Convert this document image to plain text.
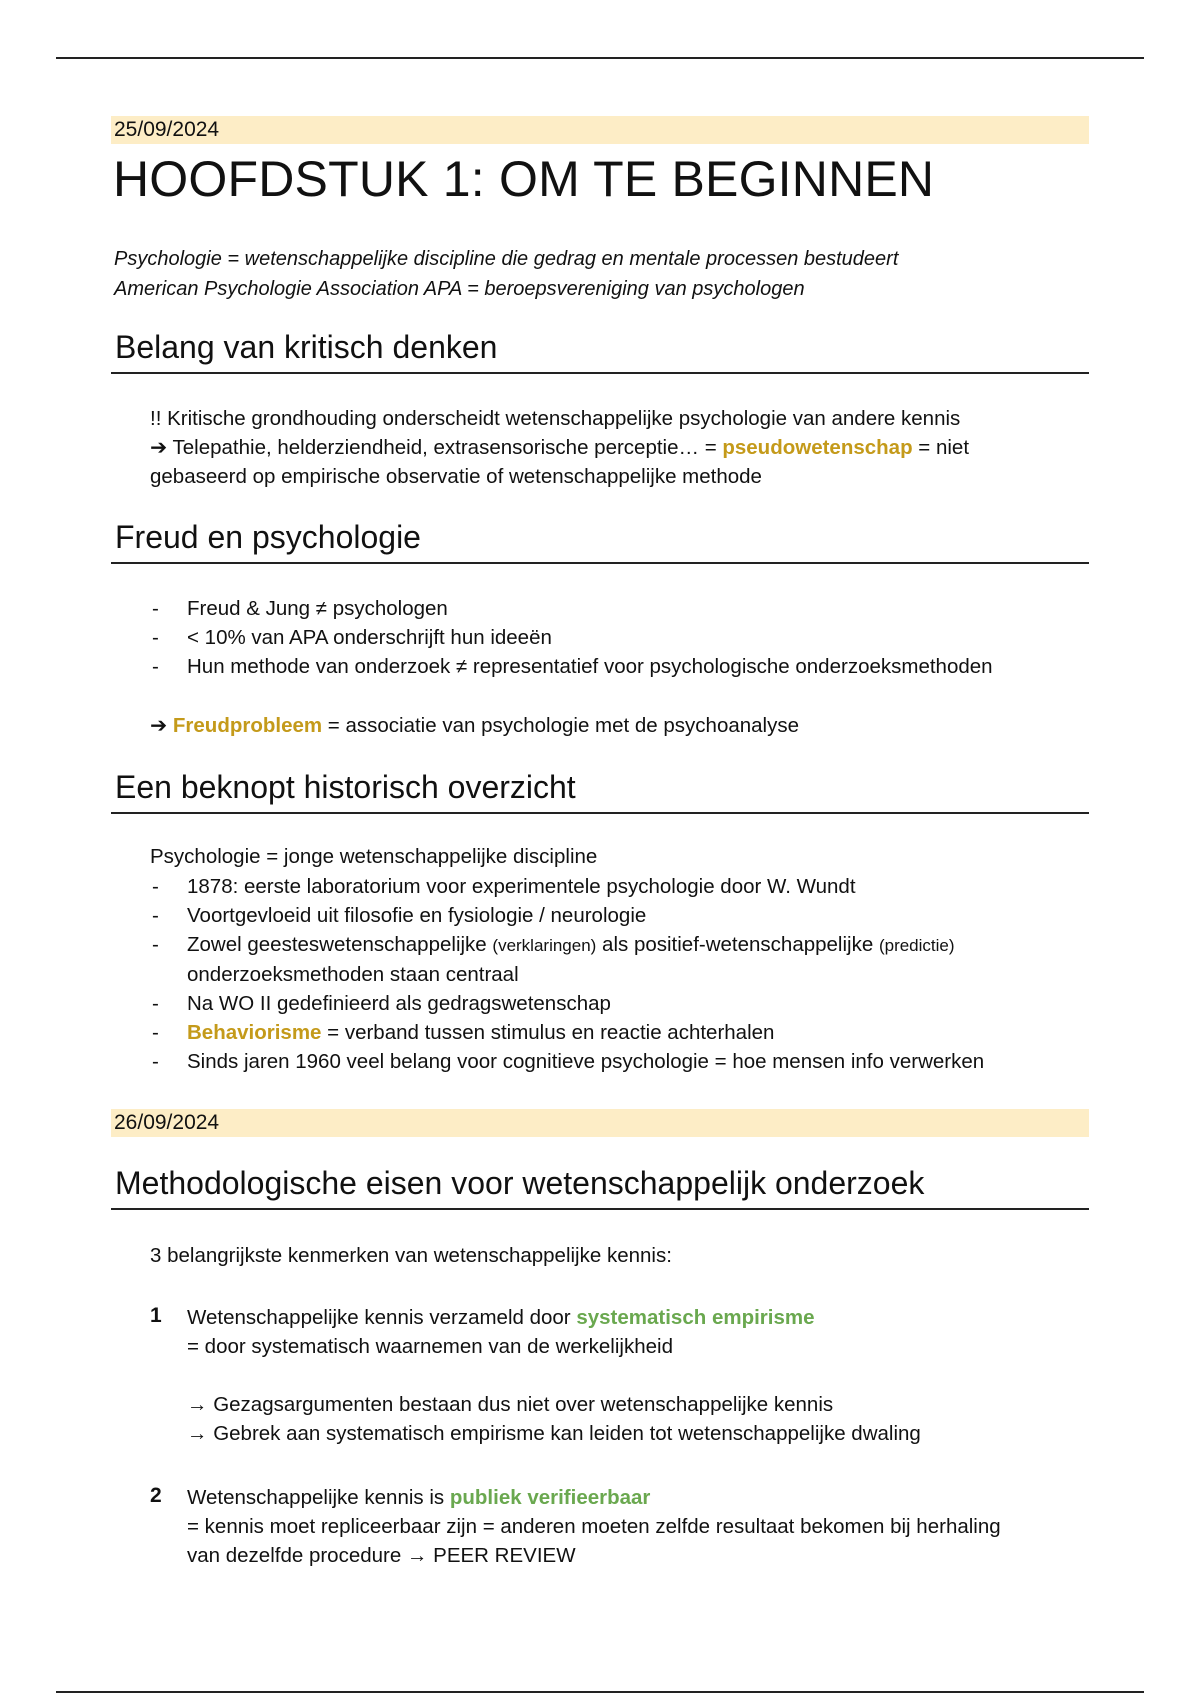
25/09/2024
HOOFDSTUK 1: OM TE BEGINNEN
Psychologie = wetenschappelijke discipline die gedrag en mentale processen bestudeert
American Psychologie Association APA = beroepsvereniging van psychologen
Belang van kritisch denken
!! Kritische grondhouding onderscheidt wetenschappelijke psychologie van andere kennis
➔ Telepathie, helderziendheid, extrasensorische perceptie… = pseudowetenschap = niet
gebaseerd op empirische observatie of wetenschappelijke methode
Freud en psychologie
- Freud & Jung ≠ psychologen
- < 10% van APA onderschrijft hun ideeën
- Hun methode van onderzoek ≠ representatief voor psychologische onderzoeksmethoden
➔ Freudprobleem = associatie van psychologie met de psychoanalyse
Een beknopt historisch overzicht
Psychologie = jonge wetenschappelijke discipline
- 1878: eerste laboratorium voor experimentele psychologie door W. Wundt
- Voortgevloeid uit filosofie en fysiologie / neurologie
- Zowel geesteswetenschappelijke (verklaringen) als positief-wetenschappelijke (predictie)
onderzoeksmethoden staan centraal
- Na WO II gedefinieerd als gedragswetenschap
- Behaviorisme = verband tussen stimulus en reactie achterhalen
- Sinds jaren 1960 veel belang voor cognitieve psychologie = hoe mensen info verwerken
26/09/2024
Methodologische eisen voor wetenschappelijk onderzoek
3 belangrijkste kenmerken van wetenschappelijke kennis:
1 Wetenschappelijke kennis verzameld door systematisch empirisme
= door systematisch waarnemen van de werkelijkheid
→ Gezagsargumenten bestaan dus niet over wetenschappelijke kennis
→ Gebrek aan systematisch empirisme kan leiden tot wetenschappelijke dwaling
2 Wetenschappelijke kennis is publiek verifieerbaar
= kennis moet repliceerbaar zijn = anderen moeten zelfde resultaat bekomen bij herhaling
van dezelfde procedure → PEER REVIEW
